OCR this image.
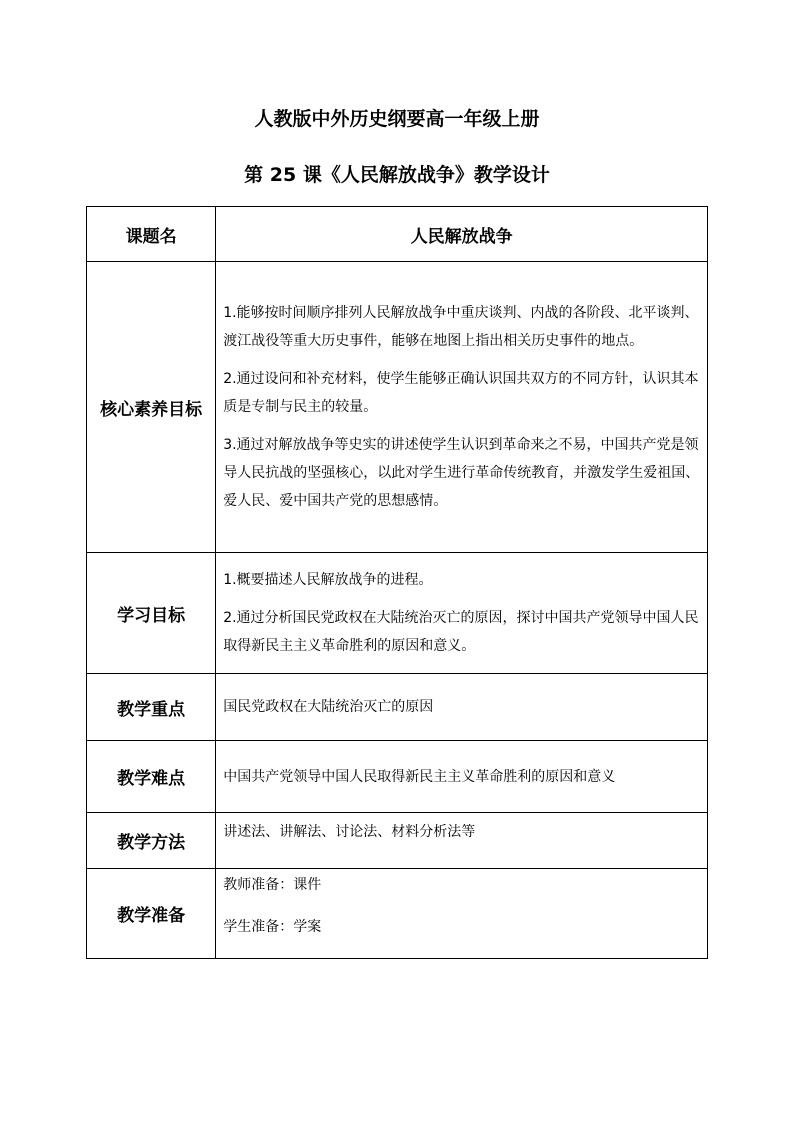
人教版中外历史纲要高一年级上册
第 25 课《人民解放战争》教学设计
课题名	人民解放战争
核心素养目标	1.能够按时间顺序排列人民解放战争中重庆谈判、内战的各阶段、北平谈判、渡江战役等重大历史事件，能够在地图上指出相关历史事件的地点。

2.通过设问和补充材料，使学生能够正确认识国共双方的不同方针，认识其本质是专制与民主的较量。

3.通过对解放战争等史实的讲述使学生认识到革命来之不易，中国共产党是领导人民抗战的坚强核心，以此对学生进行革命传统教育，并激发学生爱祖国、爱人民、爱中国共产党的思想感情。

学习目标	1.概要描述人民解放战争的进程。

2.通过分析国民党政权在大陆统治灭亡的原因，探讨中国共产党领导中国人民取得新民主主义革命胜利的原因和意义。

教学重点	国民党政权在大陆统治灭亡的原因
教学难点	中国共产党领导中国人民取得新民主主义革命胜利的原因和意义
教学方法	讲述法、讲解法、讨论法、材料分析法等
教学准备	教师准备：课件

学生准备：学案
